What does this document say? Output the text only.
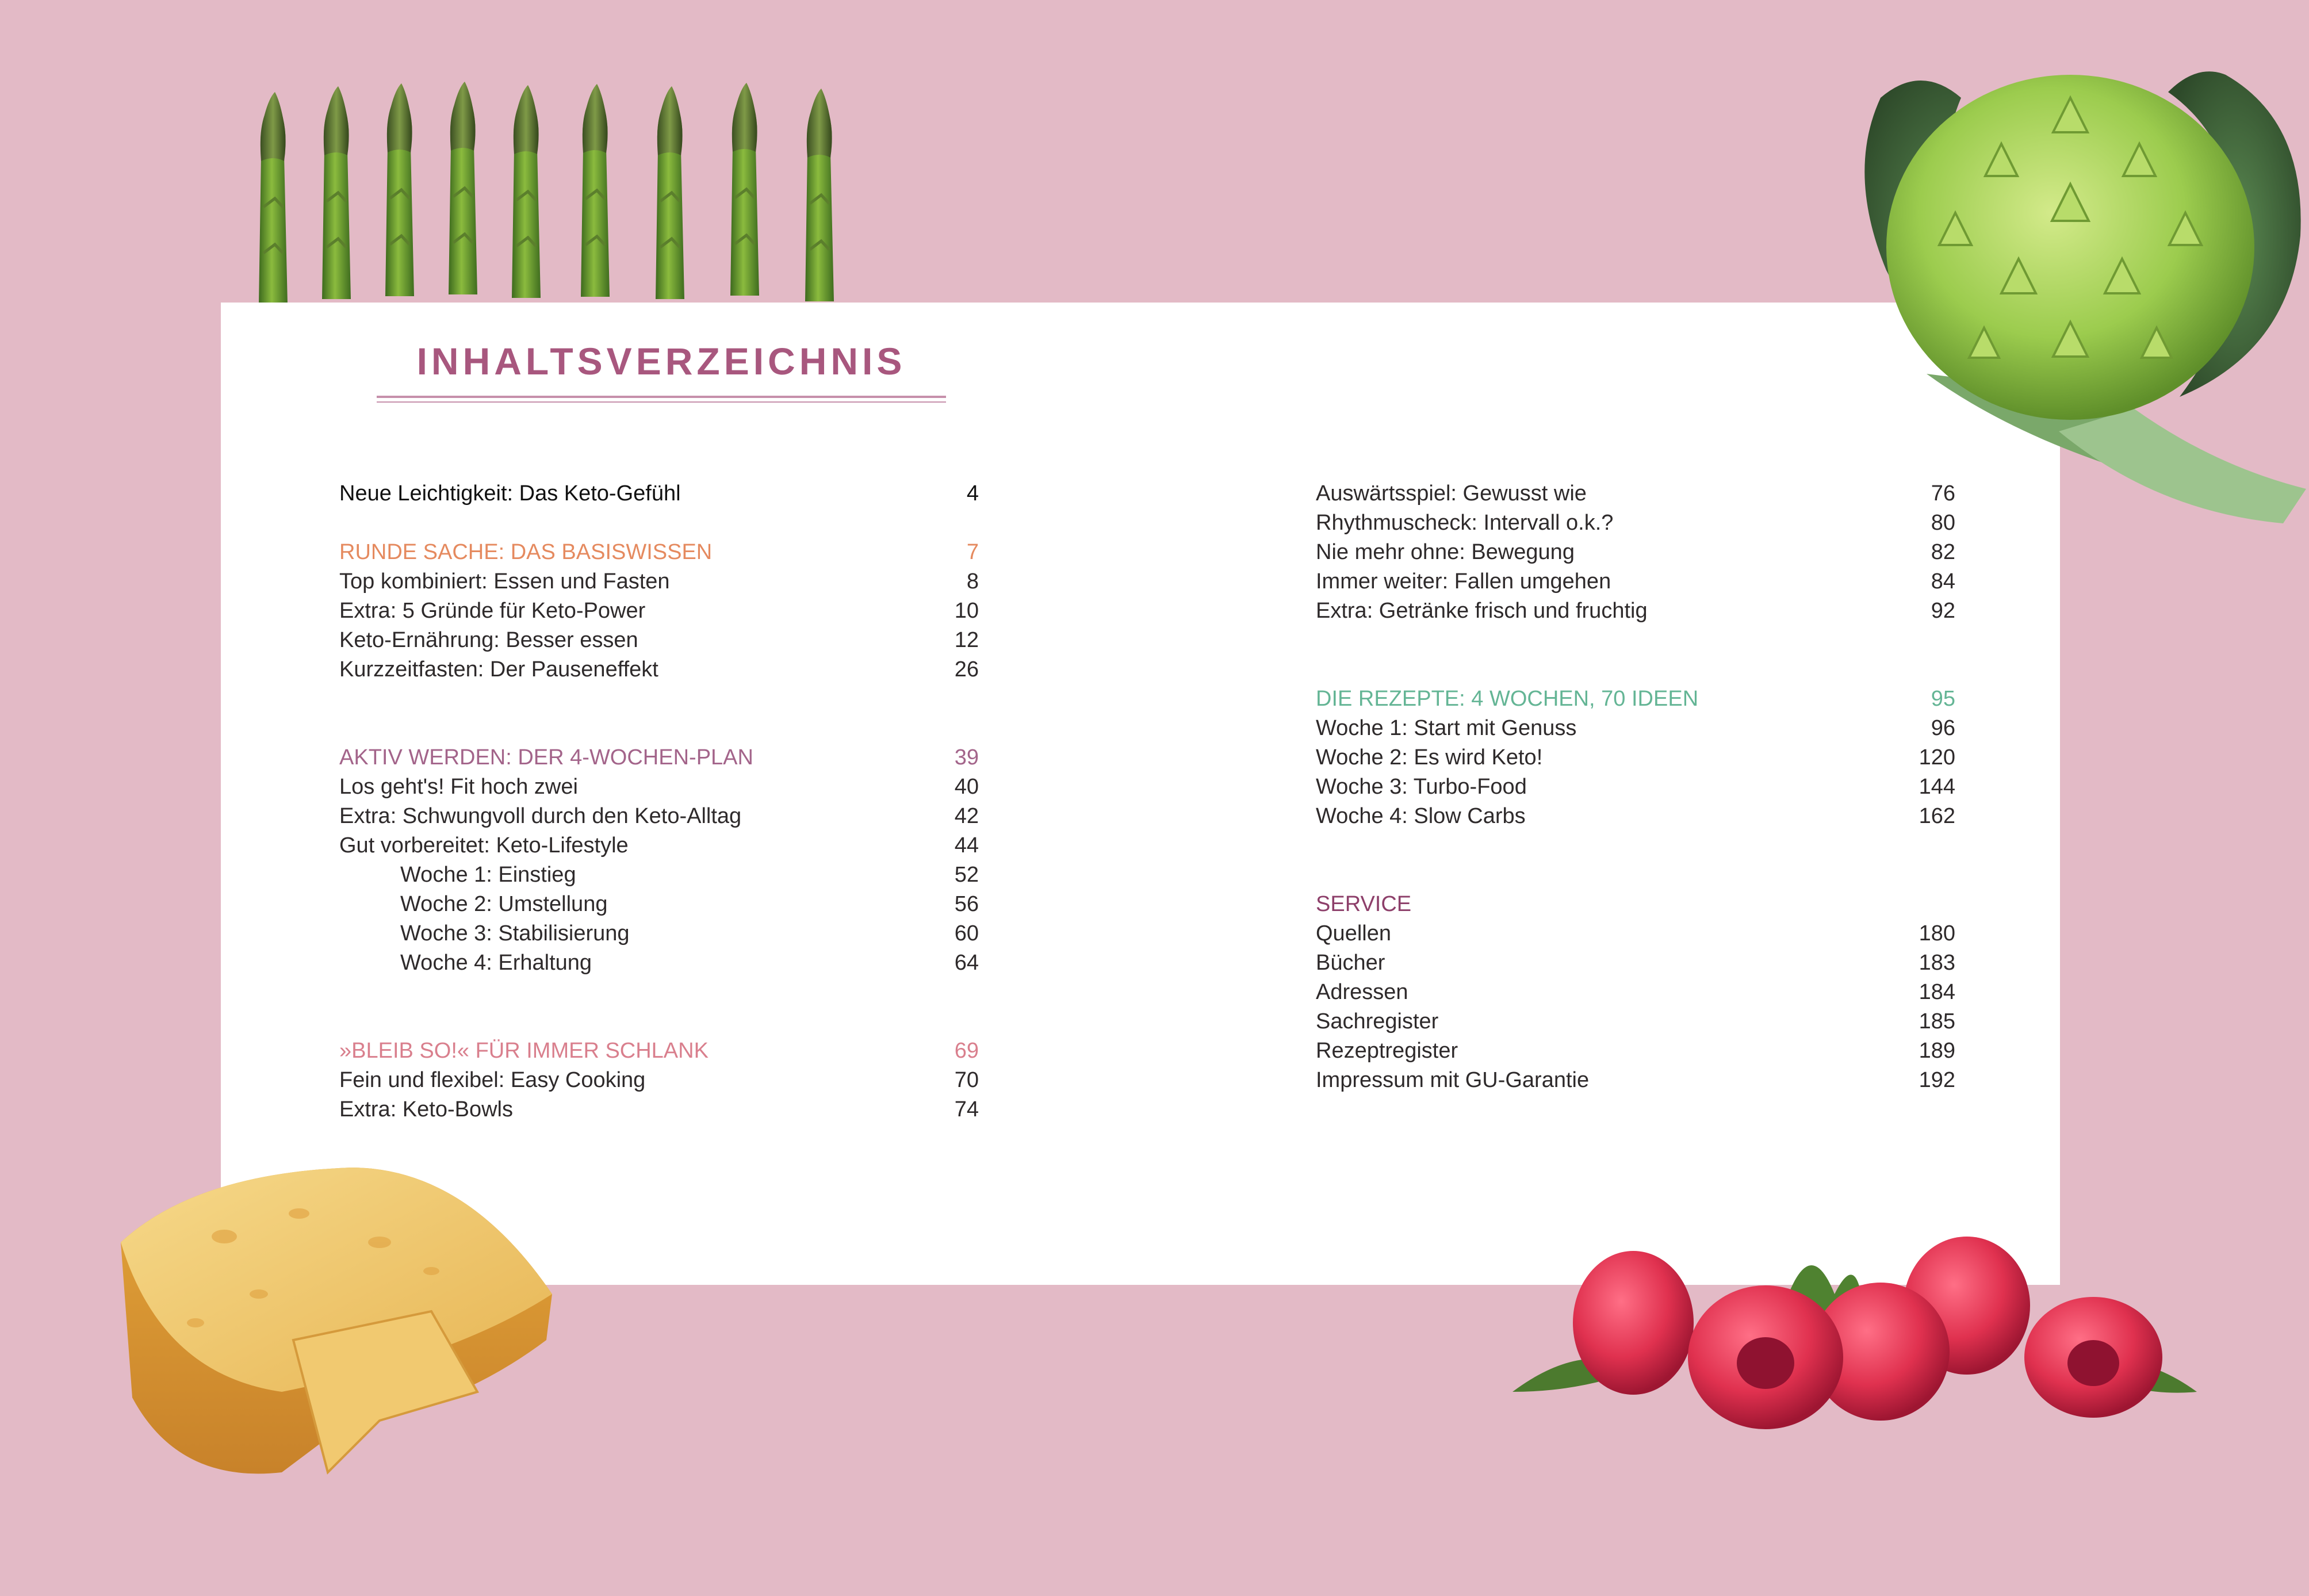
INHALTSVERZEICHNIS
Neue Leichtigkeit: Das Keto-Gefühl	4
RUNDE SACHE: DAS BASISWISSEN	7
Top kombiniert: Essen und Fasten	8
Extra: 5 Gründe für Keto-Power	10
Keto-Ernährung: Besser essen	12
Kurzzeitfasten: Der Pauseneffekt	26
AKTIV WERDEN: DER 4-WOCHEN-PLAN	39
Los geht's! Fit hoch zwei	40
Extra: Schwungvoll durch den Keto-Alltag	42
Gut vorbereitet: Keto-Lifestyle	44
Woche 1: Einstieg	52
Woche 2: Umstellung	56
Woche 3: Stabilisierung	60
Woche 4: Erhaltung	64
»BLEIB SO!« FÜR IMMER SCHLANK	69
Fein und flexibel: Easy Cooking	70
Extra: Keto-Bowls	74
Auswärtsspiel: Gewusst wie	76
Rhythmuscheck: Intervall o.k.?	80
Nie mehr ohne: Bewegung	82
Immer weiter: Fallen umgehen	84
Extra: Getränke frisch und fruchtig	92
DIE REZEPTE: 4 WOCHEN, 70 IDEEN	95
Woche 1: Start mit Genuss	96
Woche 2: Es wird Keto!	120
Woche 3: Turbo-Food	144
Woche 4: Slow Carbs	162
SERVICE
Quellen	180
Bücher	183
Adressen	184
Sachregister	185
Rezeptregister	189
Impressum mit GU-Garantie	192
